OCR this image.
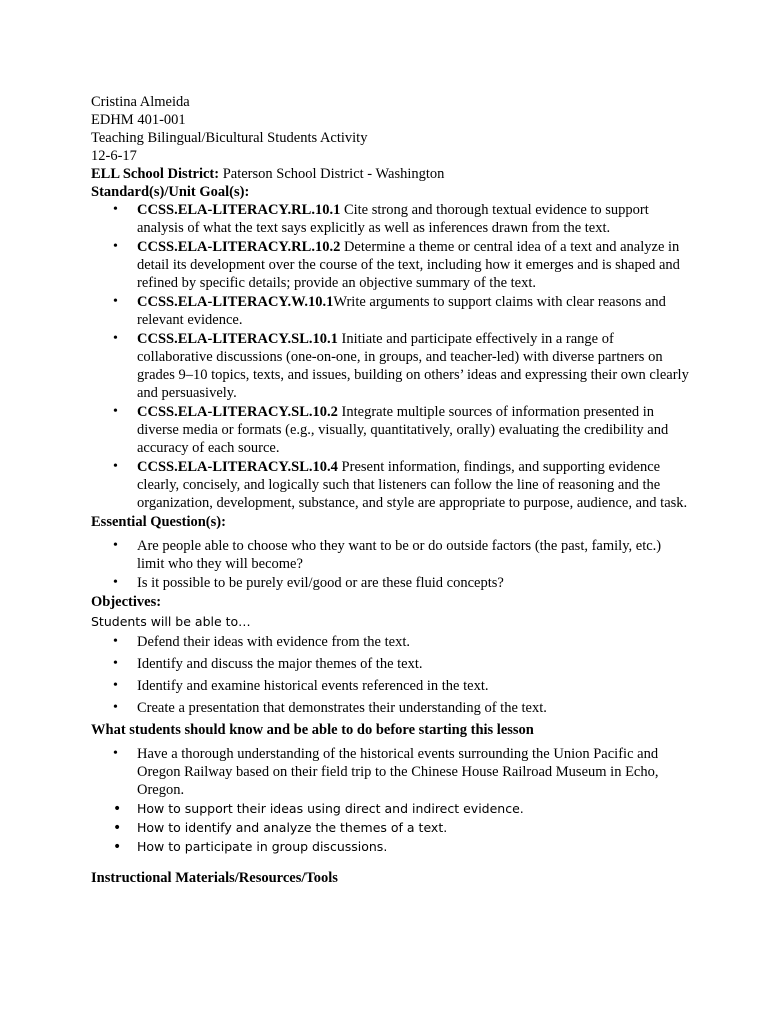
Cristina Almeida
EDHM 401-001
Teaching Bilingual/Bicultural Students Activity
12-6-17
ELL School District: Paterson School District - Washington
Standard(s)/Unit Goal(s):
• CCSS.ELA-LITERACY.RL.10.1 Cite strong and thorough textual evidence to support analysis of what the text says explicitly as well as inferences drawn from the text.
• CCSS.ELA-LITERACY.RL.10.2 Determine a theme or central idea of a text and analyze in detail its development over the course of the text, including how it emerges and is shaped and refined by specific details; provide an objective summary of the text.
• CCSS.ELA-LITERACY.W.10.1Write arguments to support claims with clear reasons and relevant evidence.
• CCSS.ELA-LITERACY.SL.10.1 Initiate and participate effectively in a range of collaborative discussions (one-on-one, in groups, and teacher-led) with diverse partners on grades 9–10 topics, texts, and issues, building on others’ ideas and expressing their own clearly and persuasively.
• CCSS.ELA-LITERACY.SL.10.2 Integrate multiple sources of information presented in diverse media or formats (e.g., visually, quantitatively, orally) evaluating the credibility and accuracy of each source.
• CCSS.ELA-LITERACY.SL.10.4 Present information, findings, and supporting evidence clearly, concisely, and logically such that listeners can follow the line of reasoning and the organization, development, substance, and style are appropriate to purpose, audience, and task.
Essential Question(s):
• Are people able to choose who they want to be or do outside factors (the past, family, etc.) limit who they will become?
• Is it possible to be purely evil/good or are these fluid concepts?
Objectives:
Students will be able to…
• Defend their ideas with evidence from the text.
• Identify and discuss the major themes of the text.
• Identify and examine historical events referenced in the text.
• Create a presentation that demonstrates their understanding of the text.
What students should know and be able to do before starting this lesson
• Have a thorough understanding of the historical events surrounding the Union Pacific and Oregon Railway based on their field trip to the Chinese House Railroad Museum in Echo, Oregon.
• How to support their ideas using direct and indirect evidence.
• How to identify and analyze the themes of a text.
• How to participate in group discussions.
Instructional Materials/Resources/Tools
